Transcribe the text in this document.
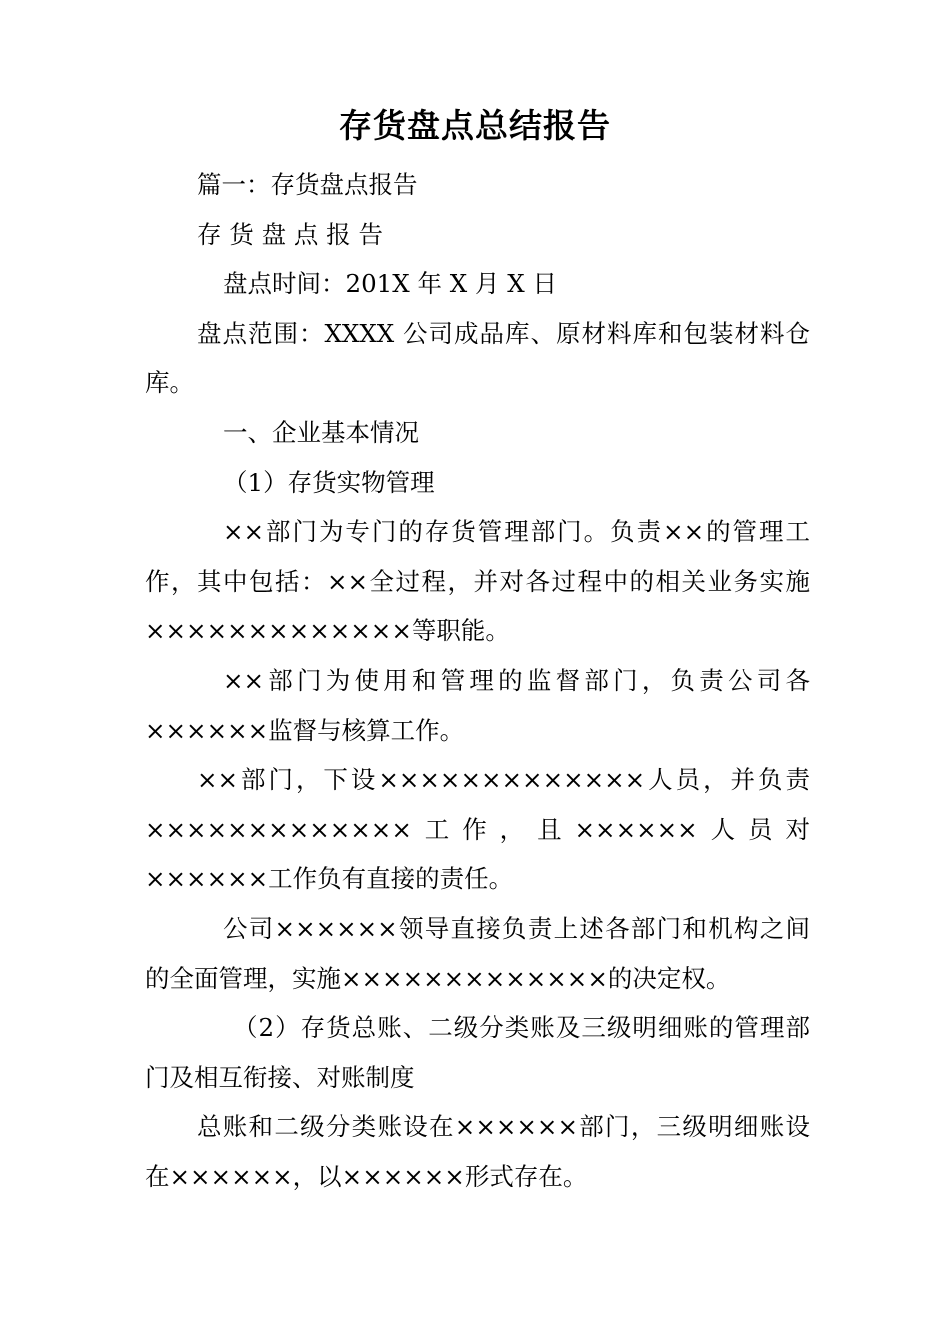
存货盘点总结报告

篇一：存货盘点报告

存 货 盘 点 报 告

盘点时间：201X 年 X 月 X 日

盘点范围：XXXX 公司成品库、原材料库和包装材料仓库。

一、企业基本情况

（1）存货实物管理

××部门为专门的存货管理部门。负责××的管理工作，其中包括：××全过程，并对各过程中的相关业务实施×××××××××××××等职能。

××部门为使用和管理的监督部门，负责公司各××××××监督与核算工作。

××部门，下设×××××××××××××人员，并负责×××××××××××××工作，且××××××人员对××××××工作负有直接的责任。

公司××××××领导直接负责上述各部门和机构之间的全面管理，实施×××××××××××××的决定权。

（2）存货总账、二级分类账及三级明细账的管理部门及相互衔接、对账制度

总账和二级分类账设在××××××部门，三级明细账设在××××××，以××××××形式存在。
